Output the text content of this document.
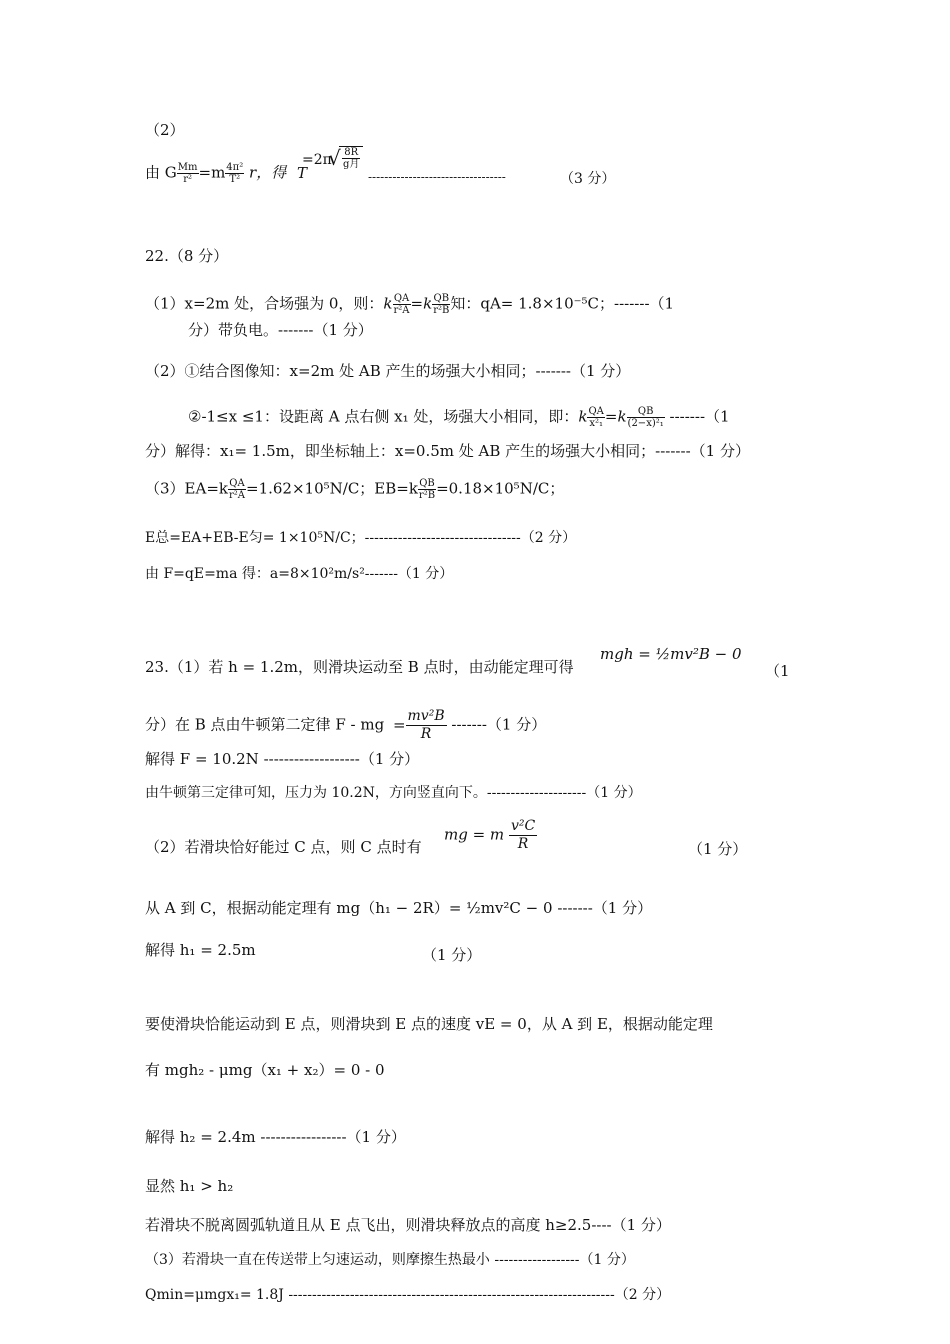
（2）
由 G $\frac{Mm}{\text{r²}} =m \frac{\text{4π²}}{\text{T²}}$ r，得 T
=2π
√ $\frac{8R}{\text{g月}}$
----------------------------------	（3 分）
22.（8 分）
（1）x=2m 处，合场强为 0，则：k $\frac{QA}{\text{r²A}} =k \frac{QB}{\text{r²B}}$ 知：qA= 1.8×10⁻⁵C；-------（1
分）带负电。-------（1 分）
（2）①结合图像知：x=2m 处 AB 产生的场强大小相同；-------（1 分）
②-1≤x ≤1：设距离 A 点右侧 x₁ 处，场强大小相同，即：k $\frac{QA}{\text{x²₁}} =k \frac{QB}{\text{(2−x)²₁}} -------(1$
分）解得：x₁= 1.5m，即坐标轴上：x=0.5m 处 AB 产生的场强大小相同；-------（1 分）
$(3)EA=k \frac{QA}{\text{r²A}} =1.62\times 10^5N/C$；$EB=k \frac{QB}{\text{r²B}} =0.18\times 10^5N/C$；
E总=EA+EB-E匀= 1×10⁵N/C；---------------------------------（2 分）
由 F=qE=ma 得：a=8×10²m/s²-------（1 分）
23.（1）若 h = 1.2m，则滑块运动至 B 点时，由动能定理可得
mgh = ½mv²B − 0
（1
分）在 B 点由牛顿第二定律 F - mg = $\frac{\text{mv²B}}{R} -------(1$ 分）
解得 F = 10.2N -------------------（1 分）
由牛顿第三定律可知，压力为 10.2N，方向竖直向下。---------------------（1 分）
（2）若滑块恰好能过 C 点，则 C 点时有
mg = m $\frac{\text{v²C}}{R}$	（1 分）
从 A 到 C，根据动能定理有 mg（h₁ − 2R）= ½mv²C − 0 -------（1 分）
解得 h₁ = 2.5m	（1 分）
要使滑块恰能运动到 E 点，则滑块到 E 点的速度 vE = 0，从 A 到 E，根据动能定理
有 mgh₂ - μmg（x₁ + x₂）= 0 - 0
解得 h₂ = 2.4m -----------------（1 分）
显然 h₁ > h₂
若滑块不脱离圆弧轨道且从 E 点飞出，则滑块释放点的高度 h≥2.5----（1 分）
（3）若滑块一直在传送带上匀速运动，则摩擦生热最小 ------------------（1 分）
Qmin=μmgx₁= 1.8J ---------------------------------------------------------------------（2 分）
